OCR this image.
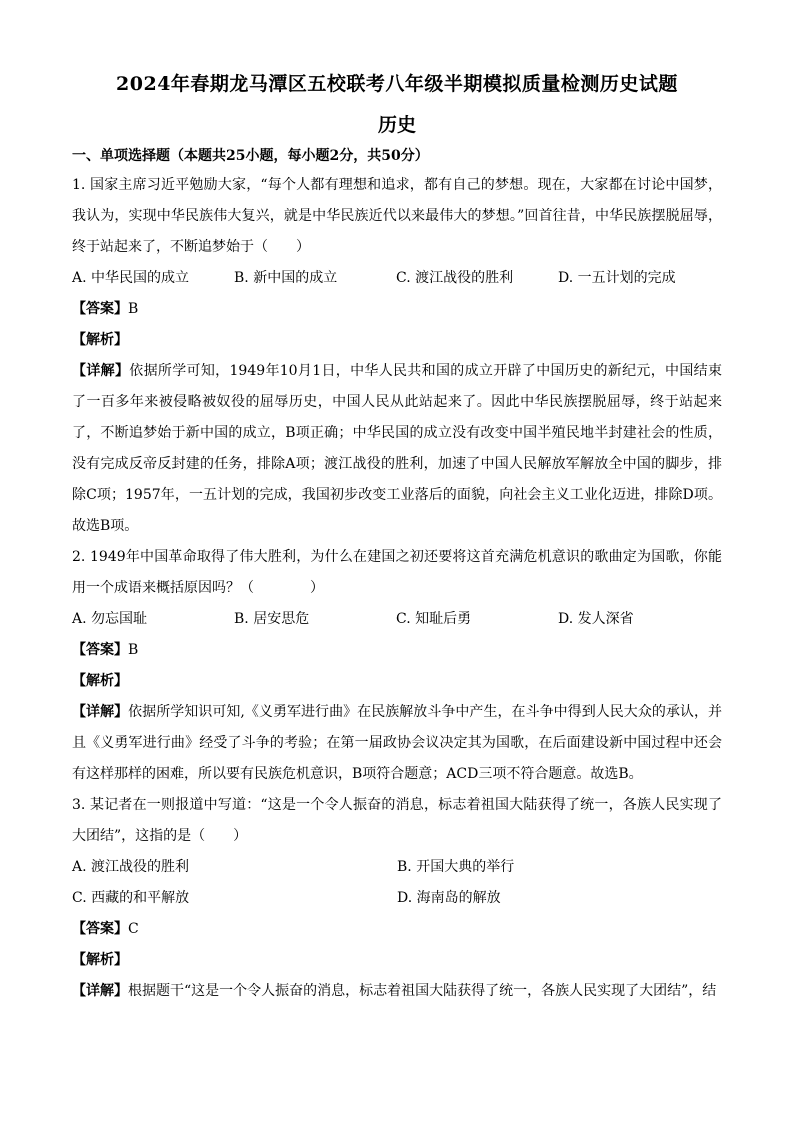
2024年春期龙马潭区五校联考八年级半期模拟质量检测历史试题
历史
一、单项选择题（本题共25小题，每小题2分，共50分）

1. 国家主席习近平勉励大家，“每个人都有理想和追求，都有自己的梦想。现在，大家都在讨论中国梦，我认为，实现中华民族伟大复兴，就是中华民族近代以来最伟大的梦想。”回首往昔，中华民族摆脱屈辱，终于站起来了，不断追梦始于（　　）

A. 中华民国的成立	B. 新中国的成立	C. 渡江战役的胜利	D. 一五计划的完成
【答案】B
【解析】

【详解】依据所学可知，1949年10月1日，中华人民共和国的成立开辟了中国历史的新纪元，中国结束了一百多年来被侵略被奴役的屈辱历史，中国人民从此站起来了。因此中华民族摆脱屈辱，终于站起来了，不断追梦始于新中国的成立，B项正确；中华民国的成立没有改变中国半殖民地半封建社会的性质，没有完成反帝反封建的任务，排除A项；渡江战役的胜利，加速了中国人民解放军解放全中国的脚步，排除C项；1957年，一五计划的完成，我国初步改变工业落后的面貌，向社会主义工业化迈进，排除D项。故选B项。

2. 1949年中国革命取得了伟大胜利，为什么在建国之初还要将这首充满危机意识的歌曲定为国歌，你能用一个成语来概括原因吗？（　　　　）

A. 勿忘国耻	B. 居安思危	C. 知耻后勇	D. 发人深省
【答案】B
【解析】

【详解】依据所学知识可知,《义勇军进行曲》在民族解放斗争中产生，在斗争中得到人民大众的承认，并且《义勇军进行曲》经受了斗争的考验；在第一届政协会议决定其为国歌，在后面建设新中国过程中还会有这样那样的困难，所以要有民族危机意识，B项符合题意；ACD三项不符合题意。故选B。

3. 某记者在一则报道中写道：“这是一个令人振奋的消息，标志着祖国大陆获得了统一，各族人民实现了大团结”，这指的是（　　）

A. 渡江战役的胜利	B. 开国大典的举行
C. 西藏的和平解放	D. 海南岛的解放
【答案】C
【解析】

【详解】根据题干“这是一个令人振奋的消息，标志着祖国大陆获得了统一，各族人民实现了大团结”，结
